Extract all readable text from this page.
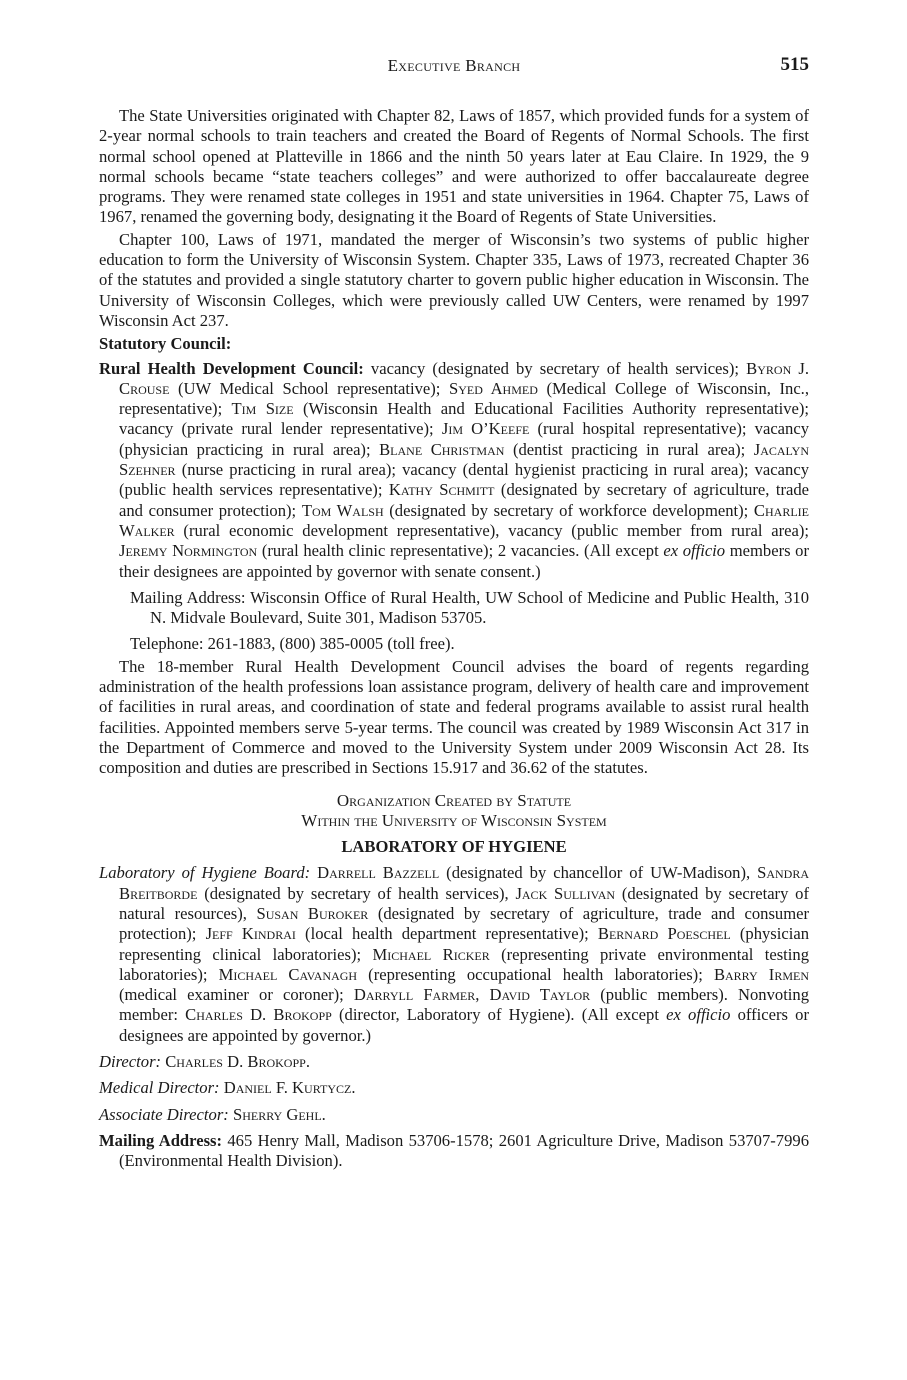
Executive Branch	515

The State Universities originated with Chapter 82, Laws of 1857, which provided funds for a system of 2-year normal schools to train teachers and created the Board of Regents of Normal Schools. The first normal school opened at Platteville in 1866 and the ninth 50 years later at Eau Claire. In 1929, the 9 normal schools became “state teachers colleges” and were authorized to offer baccalaureate degree programs. They were renamed state colleges in 1951 and state universities in 1964. Chapter 75, Laws of 1967, renamed the governing body, designating it the Board of Regents of State Universities.

Chapter 100, Laws of 1971, mandated the merger of Wisconsin’s two systems of public higher education to form the University of Wisconsin System. Chapter 335, Laws of 1973, recreated Chapter 36 of the statutes and provided a single statutory charter to govern public higher education in Wisconsin. The University of Wisconsin Colleges, which were previously called UW Centers, were renamed by 1997 Wisconsin Act 237.

Statutory Council:

Rural Health Development Council: vacancy (designated by secretary of health services); Byron J. Crouse (UW Medical School representative); Syed Ahmed (Medical College of Wisconsin, Inc., representative); Tim Size (Wisconsin Health and Educational Facilities Authority representative); vacancy (private rural lender representative); Jim O’Keefe (rural hospital representative); vacancy (physician practicing in rural area); Blane Christman (dentist practicing in rural area); Jacalyn Szehner (nurse practicing in rural area); vacancy (dental hygienist practicing in rural area); vacancy (public health services representative); Kathy Schmitt (designated by secretary of agriculture, trade and consumer protection); Tom Walsh (designated by secretary of workforce development); Charlie Walker (rural economic development representative), vacancy (public member from rural area); Jeremy Normington (rural health clinic representative); 2 vacancies. (All except ex officio members or their designees are appointed by governor with senate consent.)

Mailing Address: Wisconsin Office of Rural Health, UW School of Medicine and Public Health, 310 N. Midvale Boulevard, Suite 301, Madison 53705.

Telephone: 261-1883, (800) 385-0005 (toll free).

The 18-member Rural Health Development Council advises the board of regents regarding administration of the health professions loan assistance program, delivery of health care and improvement of facilities in rural areas, and coordination of state and federal programs available to assist rural health facilities. Appointed members serve 5-year terms. The council was created by 1989 Wisconsin Act 317 in the Department of Commerce and moved to the University System under 2009 Wisconsin Act 28. Its composition and duties are prescribed in Sections 15.917 and 36.62 of the statutes.

Organization Created by Statute
Within the University of Wisconsin System
LABORATORY OF HYGIENE

Laboratory of Hygiene Board: Darrell Bazzell (designated by chancellor of UW-Madison), Sandra Breitborde (designated by secretary of health services), Jack Sullivan (designated by secretary of natural resources), Susan Buroker (designated by secretary of agriculture, trade and consumer protection); Jeff Kindrai (local health department representative); Bernard Poeschel (physician representing clinical laboratories); Michael Ricker (representing private environmental testing laboratories); Michael Cavanagh (representing occupational health laboratories); Barry Irmen (medical examiner or coroner); Darryll Farmer, David Taylor (public members). Nonvoting member: Charles D. Brokopp (director, Laboratory of Hygiene). (All except ex officio officers or designees are appointed by governor.)

Director: Charles D. Brokopp.

Medical Director: Daniel F. Kurtycz.

Associate Director: Sherry Gehl.

Mailing Address: 465 Henry Mall, Madison 53706-1578; 2601 Agriculture Drive, Madison 53707-7996 (Environmental Health Division).
